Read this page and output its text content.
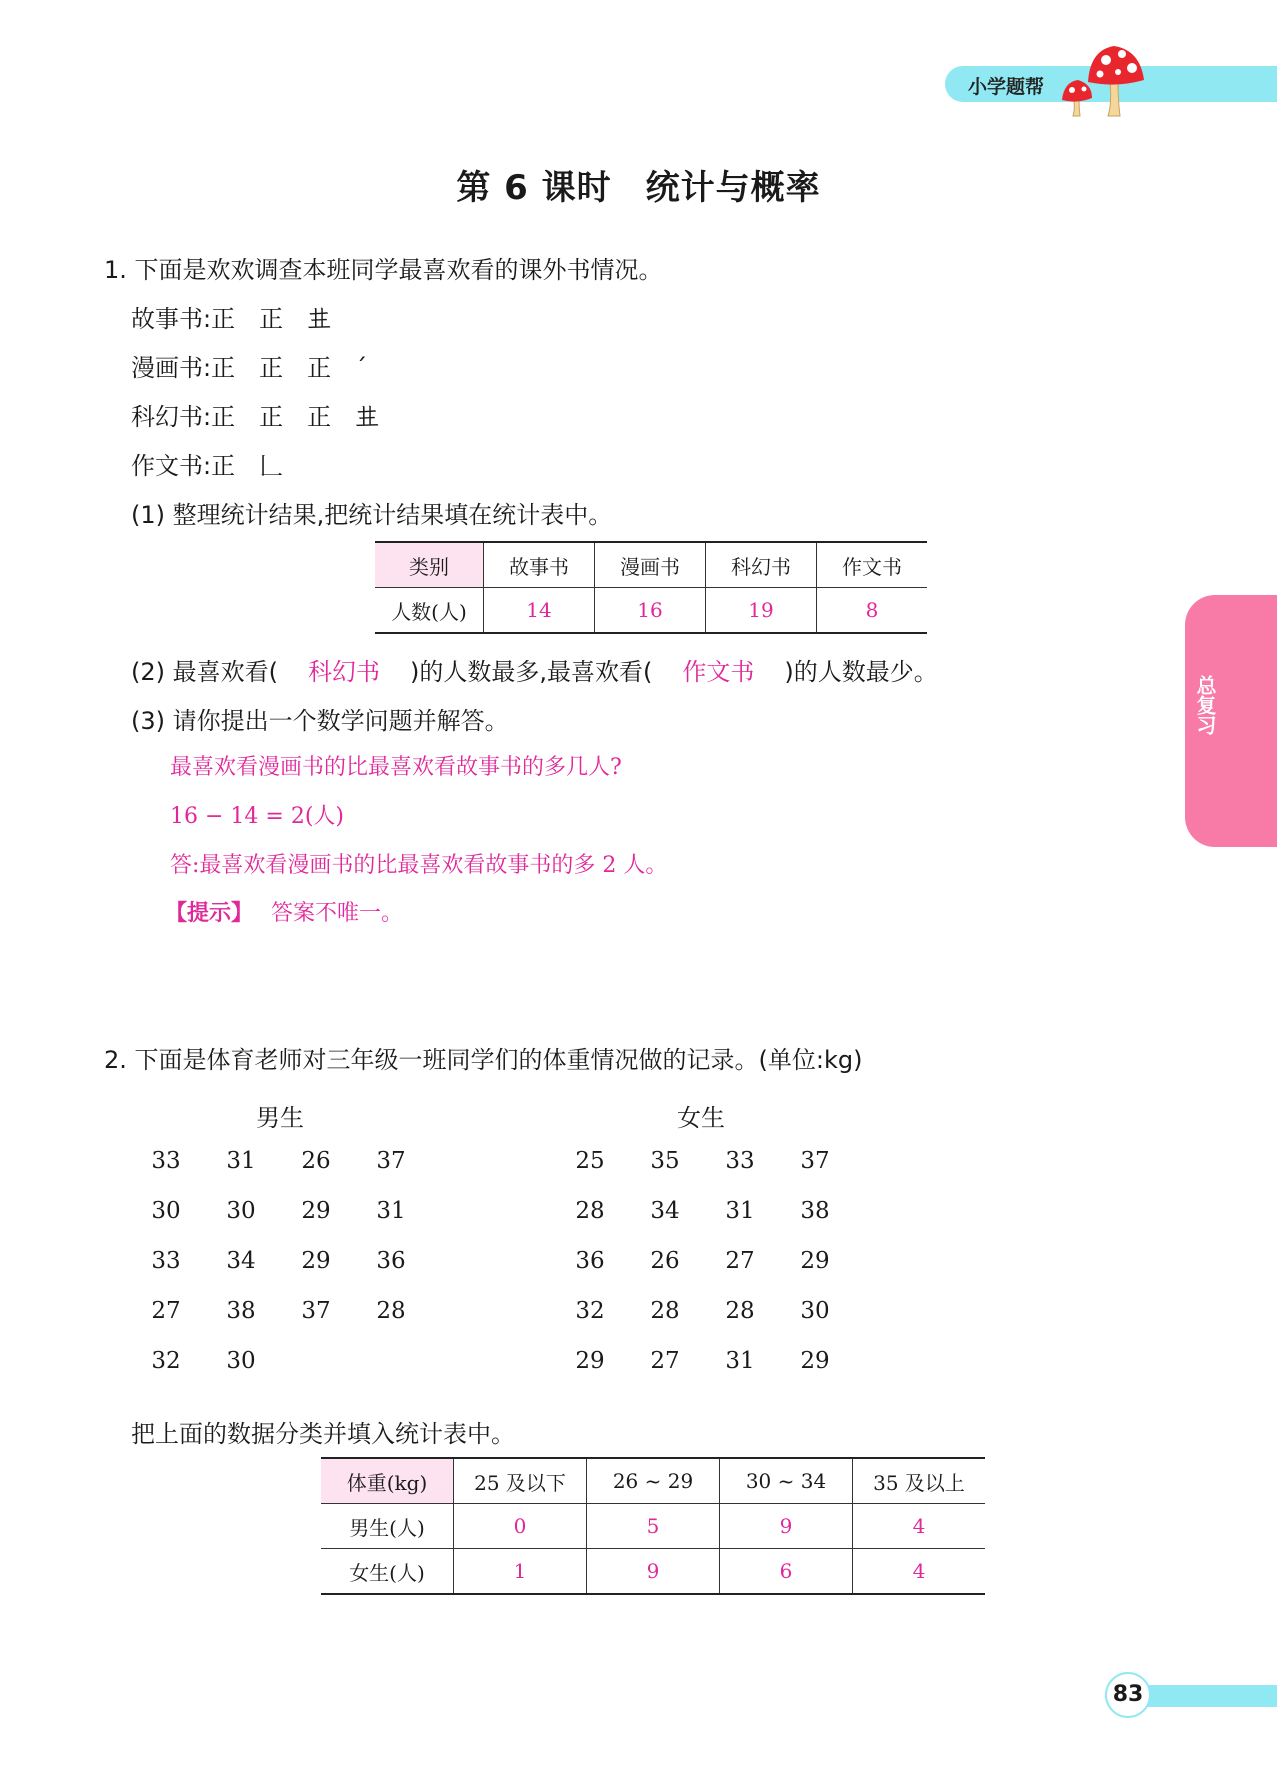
小学题帮
第 6 课时 统计与概率
1. 下面是欢欢调查本班同学最喜欢看的课外书情况。
故事书:正　正　𠀎
漫画书:正　正　正　ˊ
科幻书:正　正　正　𠀎
作文书:正　𠃊
(1) 整理统计结果,把统计结果填在统计表中。
类别	故事书	漫画书	科幻书	作文书
人数(人)	14	16	19	8
(2) 最喜欢看( 科幻书 )的人数最多,最喜欢看( 作文书 )的人数最少。
(3) 请你提出一个数学问题并解答。
最喜欢看漫画书的比最喜欢看故事书的多几人?
16 − 14 = 2(人)
答:最喜欢看漫画书的比最喜欢看故事书的多 2 人。
【提示】 答案不唯一。
2. 下面是体育老师对三年级一班同学们的体重情况做的记录。(单位:kg)
男生	女生
33 31 26 37
30 30 29 31
33 34 29 36
27 38 37 28
32 30
25 35 33 37
28 34 31 38
36 26 27 29
32 28 28 30
29 27 31 29
把上面的数据分类并填入统计表中。
体重(kg)	25 及以下	26 ~ 29	30 ~ 34	35 及以上
男生(人)	0	5	9	4
女生(人)	1	9	6	4
总复习
83
